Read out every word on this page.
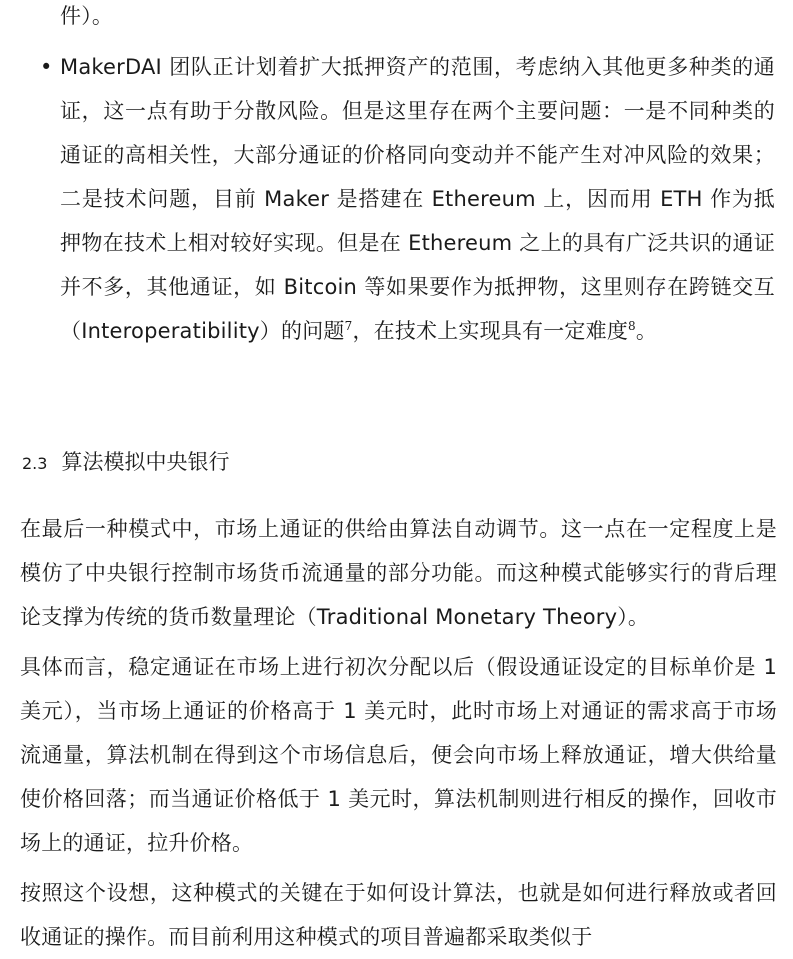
件）。
• MakerDAI 团队正计划着扩大抵押资产的范围，考虑纳入其他更多种类的通证，这一点有助于分散风险。但是这里存在两个主要问题：一是不同种类的通证的高相关性，大部分通证的价格同向变动并不能产生对冲风险的效果；二是技术问题，目前 Maker 是搭建在 Ethereum 上，因而用 ETH 作为抵押物在技术上相对较好实现。但是在 Ethereum 之上的具有广泛共识的通证并不多，其他通证，如 Bitcoin 等如果要作为抵押物，这里则存在跨链交互（Interoperatibility）的问题$^7$，在技术上实现具有一定难度$^8$。
2.3 算法模拟中央银行
在最后一种模式中，市场上通证的供给由算法自动调节。这一点在一定程度上是模仿了中央银行控制市场货币流通量的部分功能。而这种模式能够实行的背后理论支撑为传统的货币数量理论（Traditional Monetary Theory）。
具体而言，稳定通证在市场上进行初次分配以后（假设通证设定的目标单价是 1 美元），当市场上通证的价格高于 1 美元时，此时市场上对通证的需求高于市场流通量，算法机制在得到这个市场信息后，便会向市场上释放通证，增大供给量使价格回落；而当通证价格低于 1 美元时，算法机制则进行相反的操作，回收市场上的通证，拉升价格。
按照这个设想，这种模式的关键在于如何设计算法，也就是如何进行释放或者回收通证的操作。而目前利用这种模式的项目普遍都采取类似于
